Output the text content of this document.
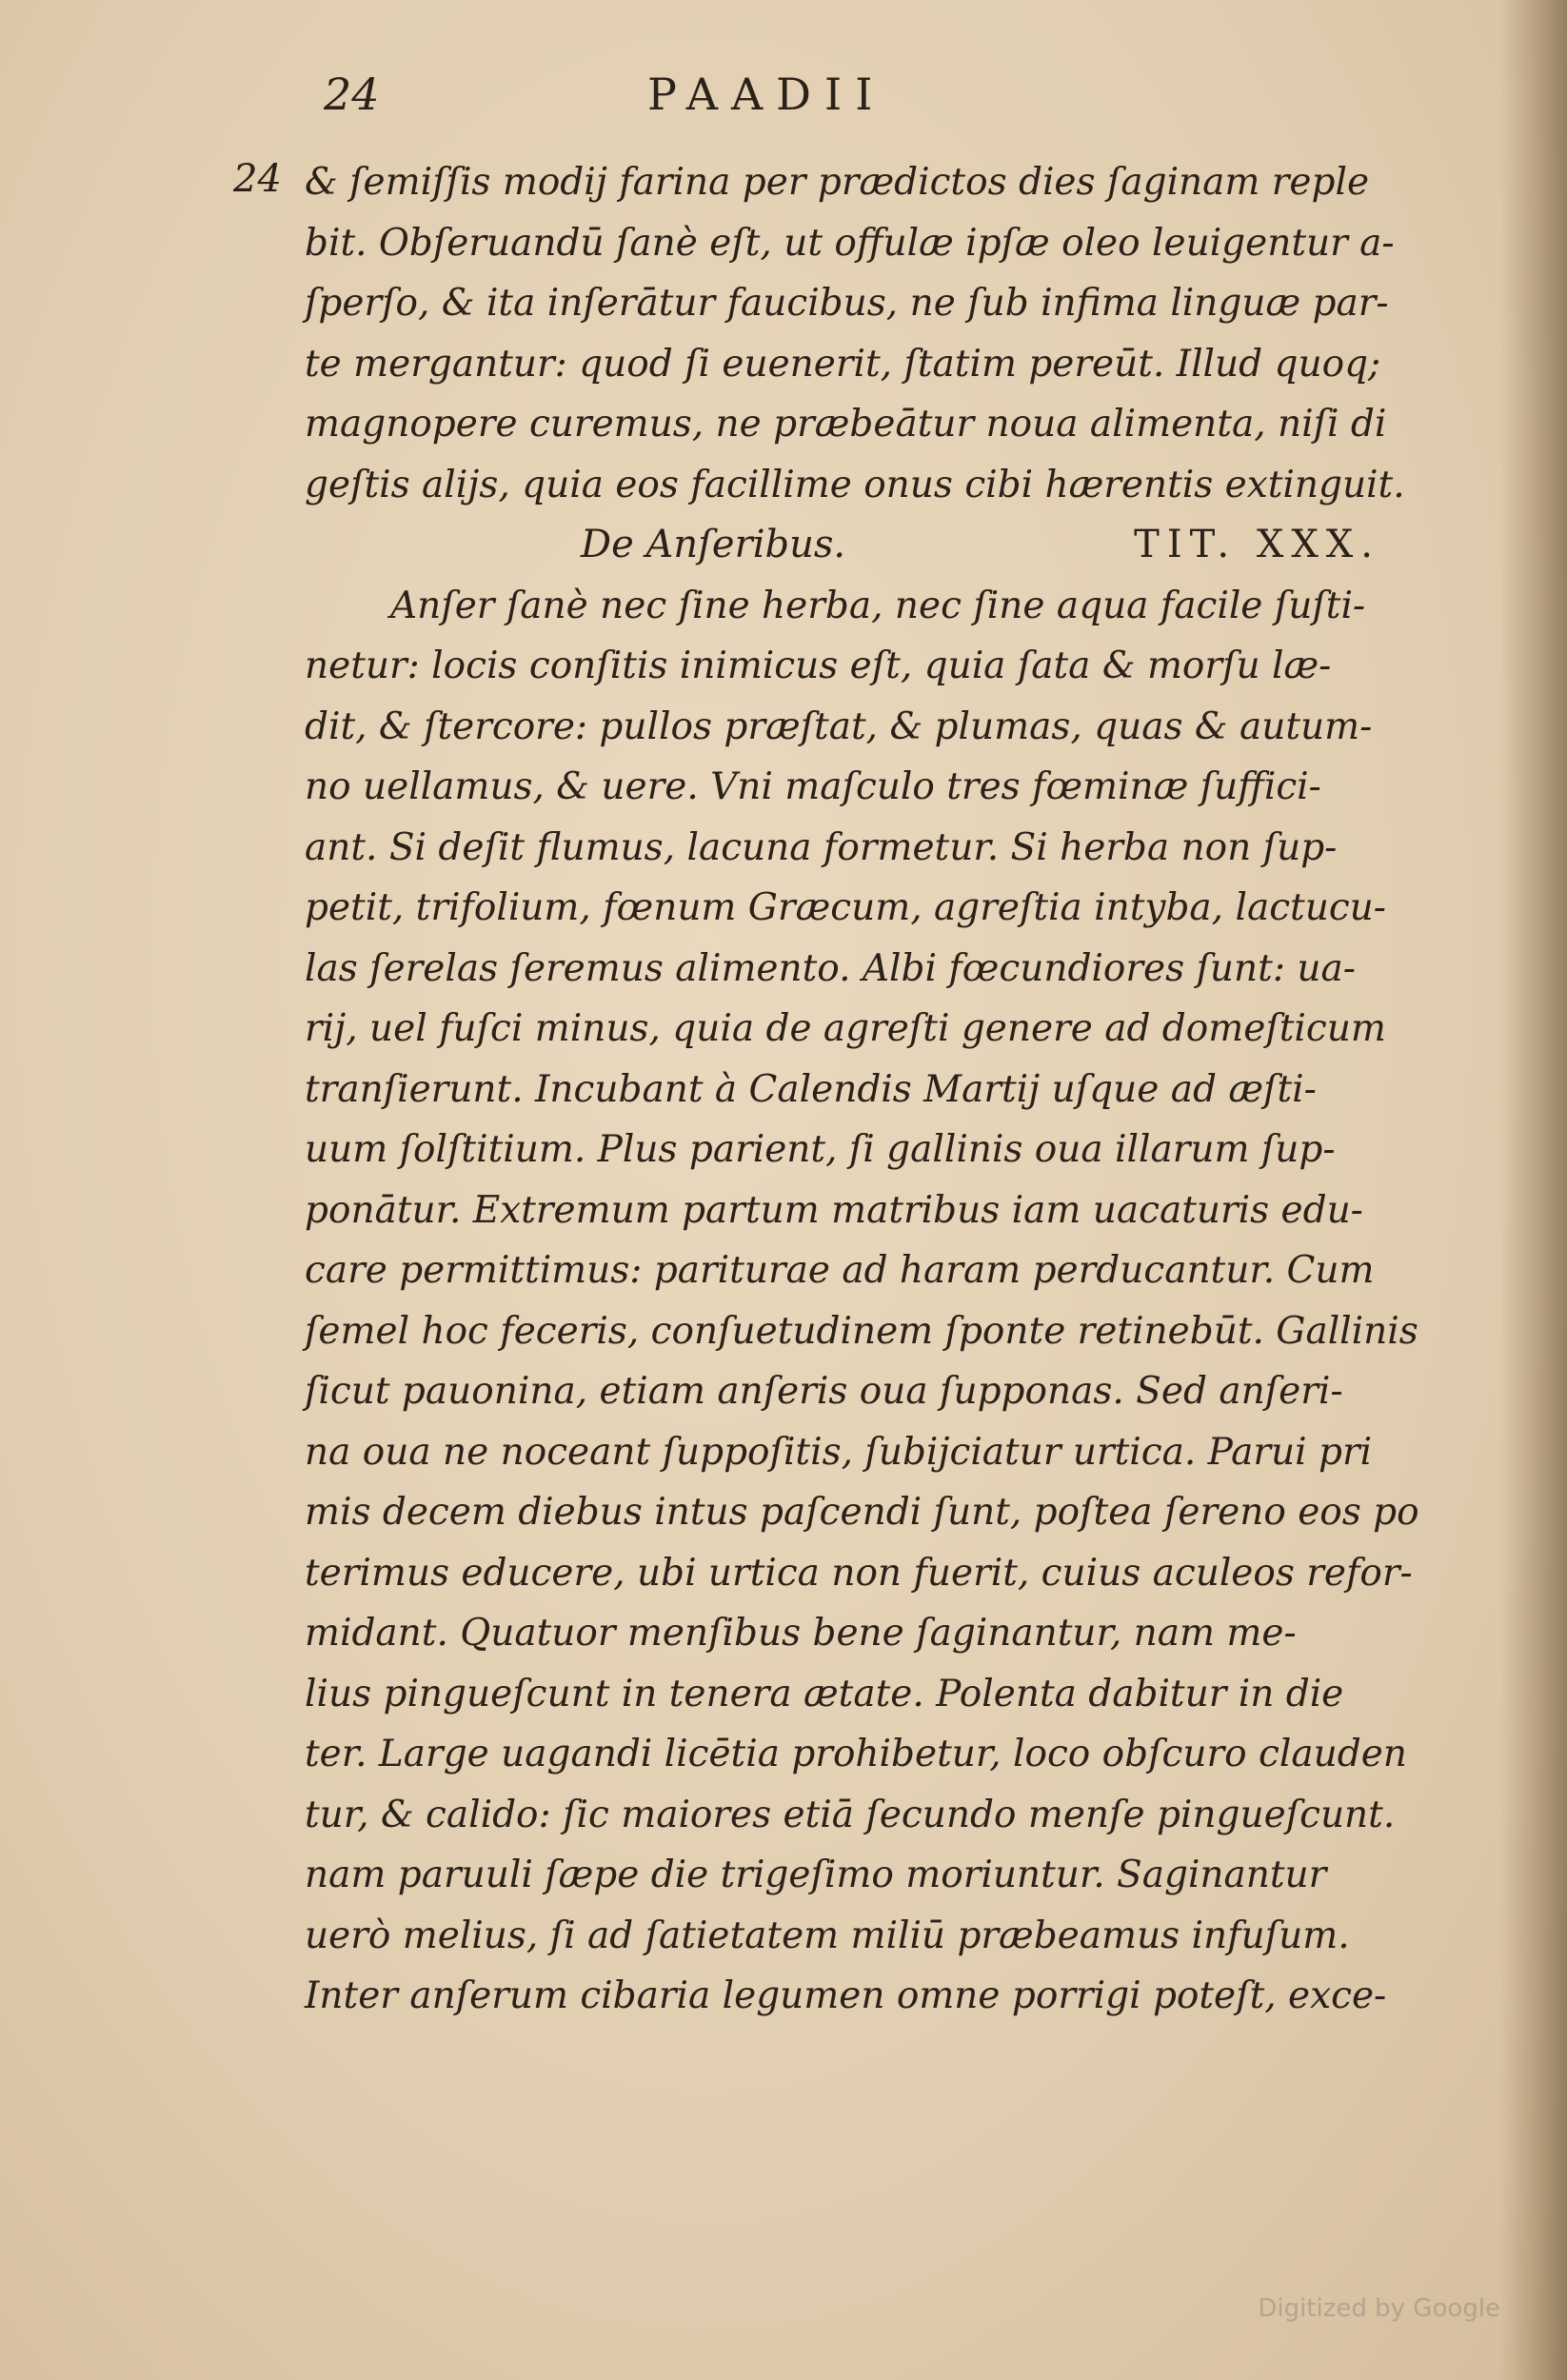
24	PAADII
24 & ſemiſſis modij farina per prædictos dies ſaginam reple
bit. Obſeruandū ſanè eſt, ut offulæ ipſæ oleo leuigentur a-
ſperſo, & ita inſerātur faucibus, ne ſub infima linguæ par-
te mergantur: quod ſi euenerit, ſtatim pereūt. Illud quoq;
magnopere curemus, ne præbeātur noua alimenta, niſi di
geſtis alijs, quia eos facillime onus cibi hærentis extinguit.
De Anſeribus.	TIT. XXX.
Anſer ſanè nec ſine herba, nec ſine aqua facile ſuſti-
netur: locis conſitis inimicus eſt, quia ſata & morſu læ-
dit, & ſtercore: pullos præſtat, & plumas, quas & autum-
no uellamus, & uere. Vni maſculo tres fœminæ ſuffici-
ant. Si deſit flumus, lacuna formetur. Si herba non ſup-
petit, trifolium, fœnum Græcum, agreſtia intyba, lactucu-
las ſerelas ſeremus alimento. Albi fœcundiores ſunt: ua-
rij, uel fuſci minus, quia de agreſti genere ad domeſticum
tranſierunt. Incubant à Calendis Martij uſque ad æſti-
uum ſolſtitium. Plus parient, ſi gallinis oua illarum ſup-
ponātur. Extremum partum matribus iam uacaturis edu-
care permittimus: pariturae ad haram perducantur. Cum
ſemel hoc feceris, conſuetudinem ſponte retinebūt. Gallinis
ſicut pauonina, etiam anſeris oua ſupponas. Sed anſeri-
na oua ne noceant ſuppoſitis, ſubijciatur urtica. Parui pri
mis decem diebus intus paſcendi ſunt, poſtea ſereno eos po
terimus educere, ubi urtica non fuerit, cuius aculeos refor-
midant. Quatuor menſibus bene ſaginantur, nam me-
lius pingueſcunt in tenera ætate. Polenta dabitur in die
ter. Large uagandi licētia prohibetur, loco obſcuro clauden
tur, & calido: ſic maiores etiā ſecundo menſe pingueſcunt.
nam paruuli ſæpe die trigeſimo moriuntur. Saginantur
uerò melius, ſi ad ſatietatem miliū præbeamus infuſum.
Inter anſerum cibaria legumen omne porrigi poteſt, exce-
Digitized by Google
